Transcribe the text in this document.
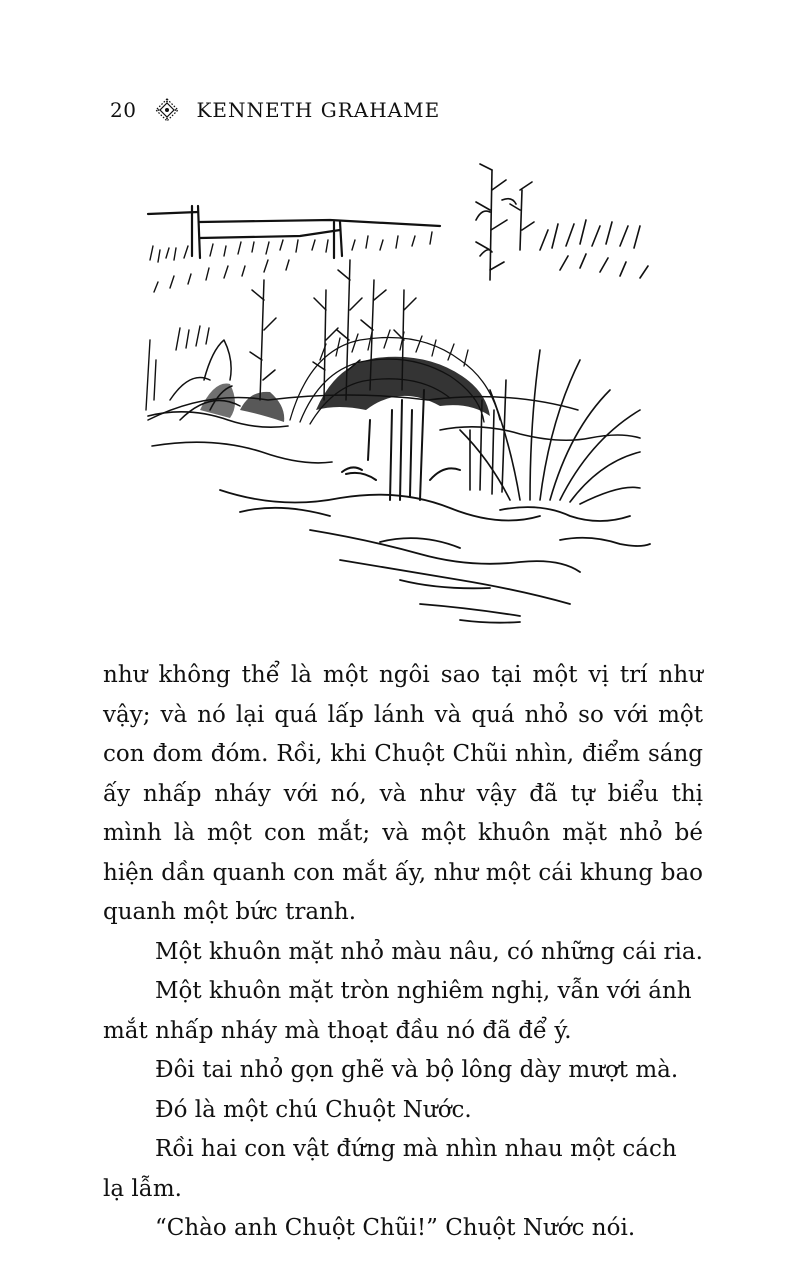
20	KENNETH GRAHAME

như không thể là một ngôi sao tại một vị trí như vậy; và nó lại quá lấp lánh và quá nhỏ so với một con đom đóm. Rồi, khi Chuột Chũi nhìn, điểm sáng ấy nhấp nháy với nó, và như vậy đã tự biểu thị mình là một con mắt; và một khuôn mặt nhỏ bé hiện dần quanh con mắt ấy, như một cái khung bao quanh một bức tranh.

Một khuôn mặt nhỏ màu nâu, có những cái ria.

Một khuôn mặt tròn nghiêm nghị, vẫn với ánh mắt nhấp nháy mà thoạt đầu nó đã để ý.

Đôi tai nhỏ gọn ghẽ và bộ lông dày mượt mà.

Đó là một chú Chuột Nước.

Rồi hai con vật đứng mà nhìn nhau một cách lạ lẫm.

“Chào anh Chuột Chũi!” Chuột Nước nói.
